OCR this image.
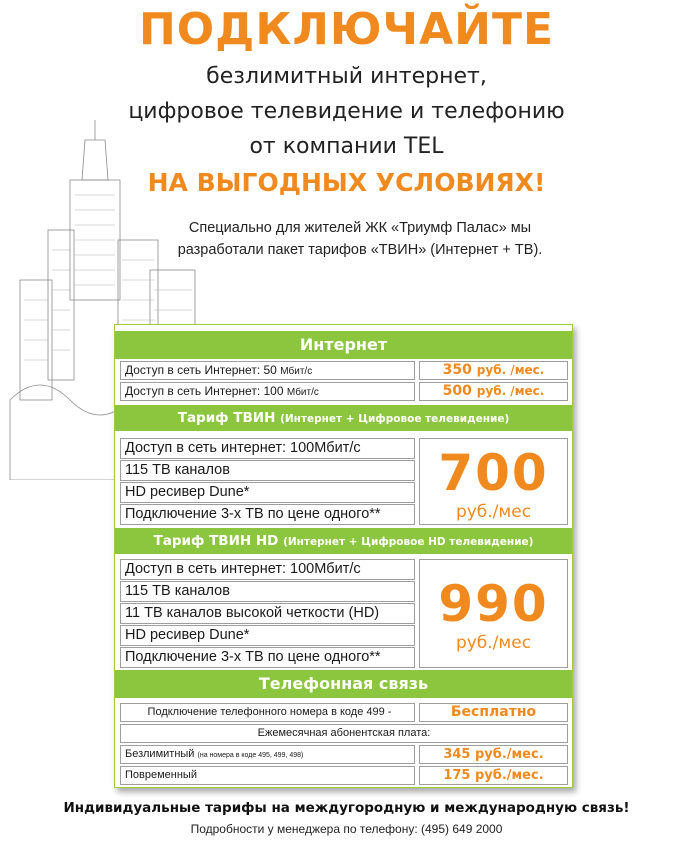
ПОДКЛЮЧАЙТЕ
безлимитный интернет,
цифровое телевидение и телефонию
от компании TEL
НА ВЫГОДНЫХ УСЛОВИЯХ!
Специально для жителей ЖК «Триумф Палас» мы
разработали пакет тарифов «ТВИН» (Интернет + ТВ).
Интернет
Доступ в сеть Интернет: 50 Мбит/с	350 руб. /мес.
Доступ в сеть Интернет: 100 Мбит/с	500 руб. /мес.
Тариф ТВИН (Интернет + Цифровое телевидение)
Доступ в сеть интернет: 100Мбит/с
115 ТВ каналов
HD ресивер Dune*
Подключение 3-х ТВ по цене одного**
700
руб./мес
Тариф ТВИН HD (Интернет + Цифровое HD телевидение)
Доступ в сеть интернет: 100Мбит/с
115 ТВ каналов
11 ТВ каналов высокой четкости (HD)
HD ресивер Dune*
Подключение 3-х ТВ по цене одного**
990
руб./мес
Телефонная связь
Подключение телефонного номера в коде 499 -	Бесплатно
Ежемесячная абонентская плата:
Безлимитный (на номера в коде 495, 499, 498)	345 руб./мес.
Повременный	175 руб./мес.
Индивидуальные тарифы на междугородную и международную связь!
Подробности у менеджера по телефону: (495) 649 2000
